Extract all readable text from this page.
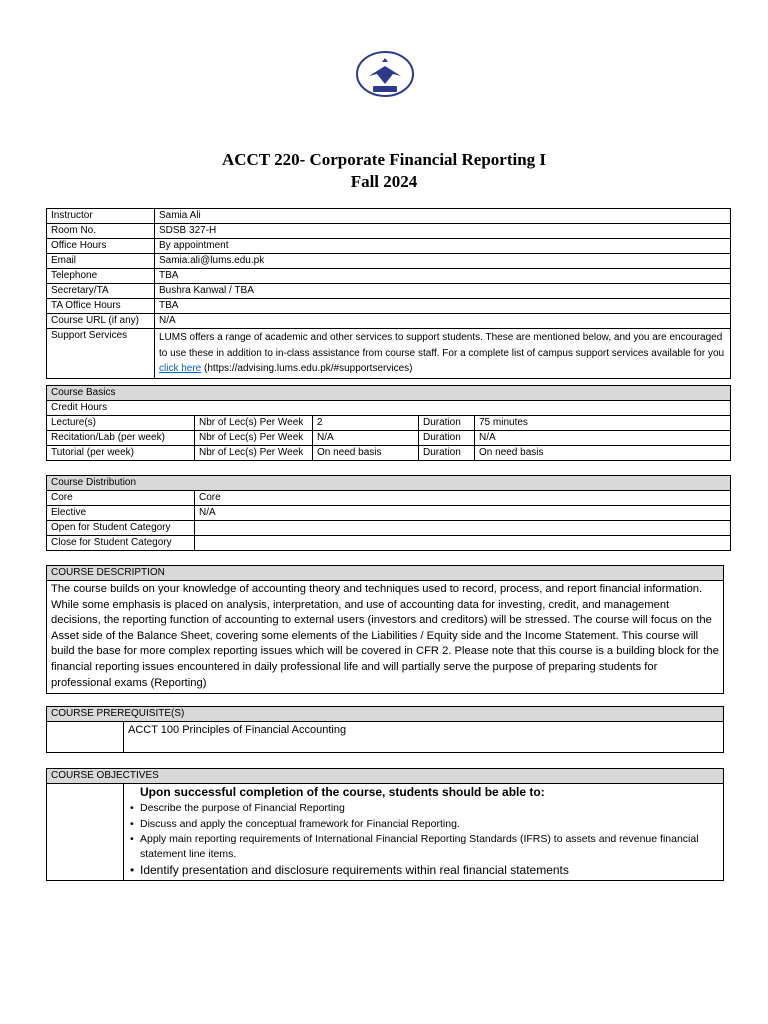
ACCT 220- Corporate Financial Reporting I
Fall 2024
Instructor	Samia Ali
Room No.	SDSB 327-H
Office Hours	By appointment
Email	Samia.ali@lums.edu.pk
Telephone	TBA
Secretary/TA	Bushra Kanwal / TBA
TA Office Hours	TBA
Course URL (if any)	N/A
Support Services	LUMS offers a range of academic and other services to support students. These are mentioned below, and you are encouraged to use these in addition to in-class assistance from course staff. For a complete list of campus support services available for you click here (https://advising.lums.edu.pk/#supportservices)
Course Basics				
Credit Hours				
Lecture(s)	Nbr of Lec(s) Per Week	2	Duration	75 minutes
Recitation/Lab (per week)	Nbr of Lec(s) Per Week	N/A	Duration	N/A
Tutorial (per week)	Nbr of Lec(s) Per Week	On need basis	Duration	On need basis
Course Distribution	
Core	Core
Elective	N/A
Open for Student Category	
Close for Student Category	
COURSE DESCRIPTION
The course builds on your knowledge of accounting theory and techniques used to record, process, and report financial information. While some emphasis is placed on analysis, interpretation, and use of accounting data for investing, credit, and management decisions, the reporting function of accounting to external users (investors and creditors) will be stressed. The course will focus on the Asset side of the Balance Sheet, covering some elements of the Liabilities / Equity side and the Income Statement. This course will build the base for more complex reporting issues which will be covered in CFR 2. Please note that this course is a building block for the financial reporting issues encountered in daily professional life and will partially serve the purpose of preparing students for professional exams (Reporting)
COURSE PREREQUISITE(S)
	ACCT 100 Principles of Financial Accounting
COURSE OBJECTIVES

Upon successful completion of the course, students should be able to:
• Describe the purpose of Financial Reporting
• Discuss and apply the conceptual framework for Financial Reporting.
• Apply main reporting requirements of International Financial Reporting Standards (IFRS) to assets and revenue financial statement line items.
• Identify presentation and disclosure requirements within real financial statements
